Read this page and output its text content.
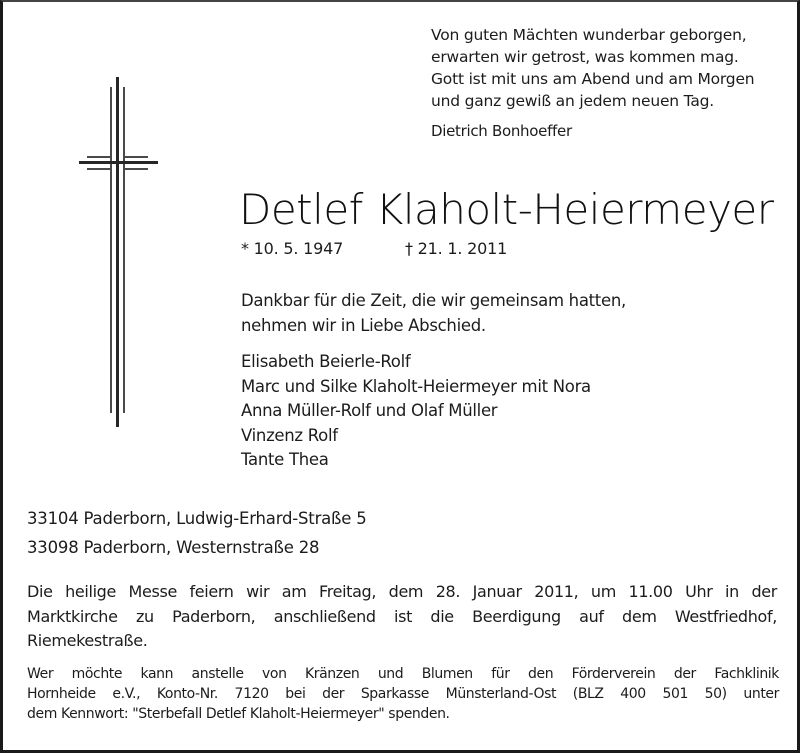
Von guten Mächten wunderbar geborgen,
erwarten wir getrost, was kommen mag.
Gott ist mit uns am Abend und am Morgen
und ganz gewiß an jedem neuen Tag.
Dietrich Bonhoeffer
Detlef Klaholt-Heiermeyer
* 10. 5. 1947	† 21. 1. 2011
Dankbar für die Zeit, die wir gemeinsam hatten,
nehmen wir in Liebe Abschied.
Elisabeth Beierle-Rolf
Marc und Silke Klaholt-Heiermeyer mit Nora
Anna Müller-Rolf und Olaf Müller
Vinzenz Rolf
Tante Thea
33104 Paderborn, Ludwig-Erhard-Straße 5
33098 Paderborn, Westernstraße 28
Die heilige Messe feiern wir am Freitag, dem 28. Januar 2011, um 11.00 Uhr in der
Marktkirche zu Paderborn, anschließend ist die Beerdigung auf dem Westfriedhof,
Riemekestraße.
Wer möchte kann anstelle von Kränzen und Blumen für den Förderverein der Fachklinik
Hornheide e.V., Konto-Nr. 7120 bei der Sparkasse Münsterland-Ost (BLZ 400 501 50) unter
dem Kennwort: "Sterbefall Detlef Klaholt-Heiermeyer" spenden.
